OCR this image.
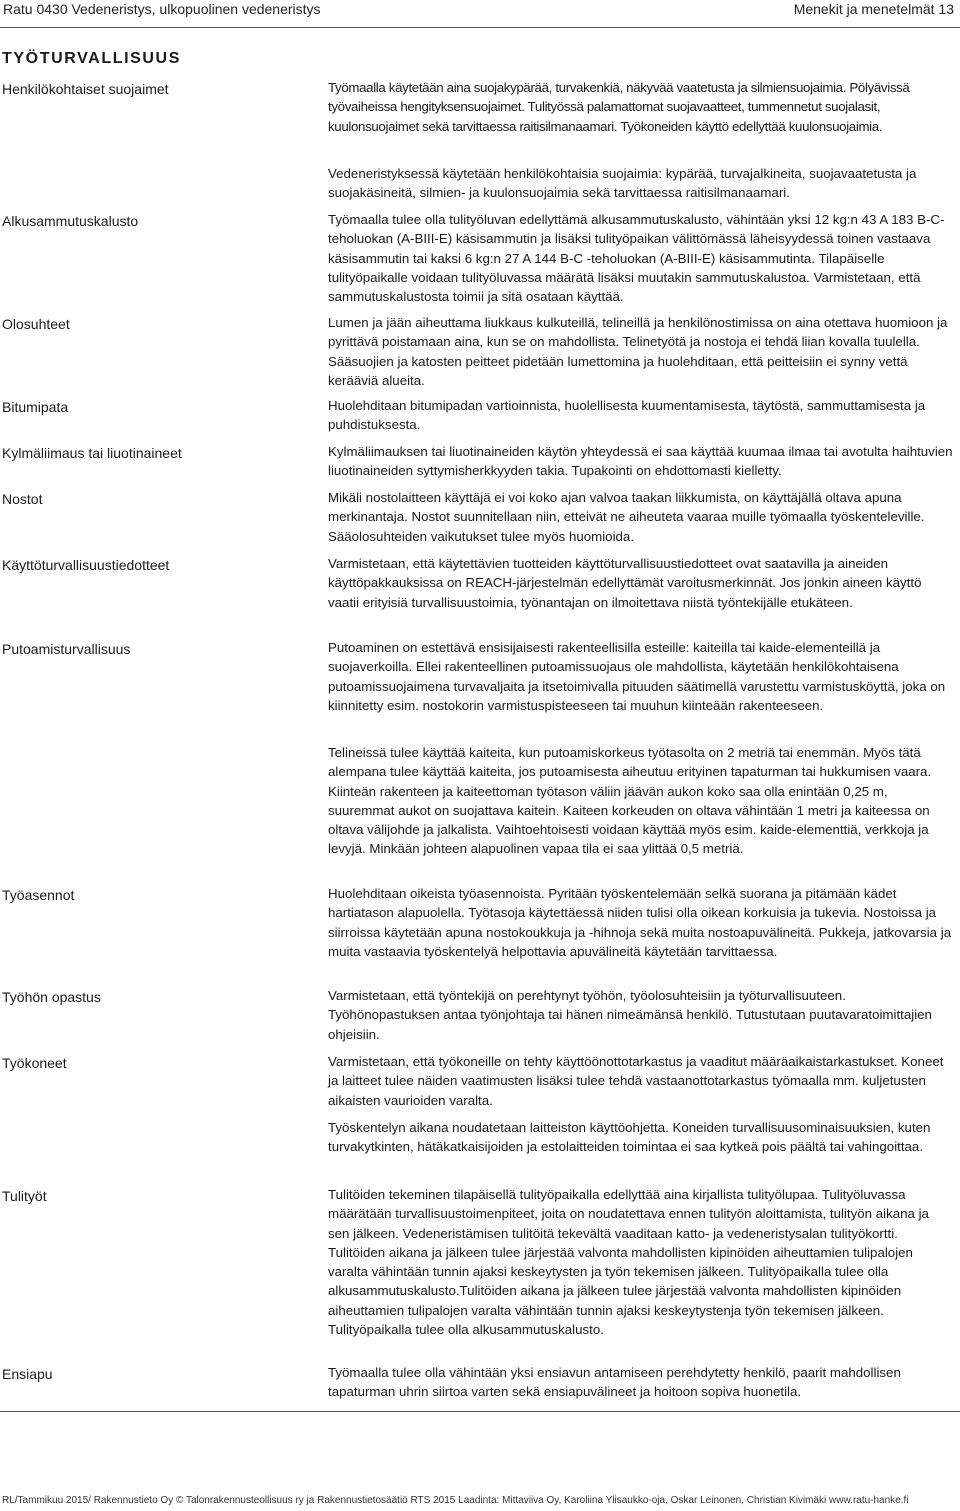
Ratu 0430 Vedeneristys, ulkopuolinen vedeneristys	Menekit ja menetelmät 13
TYÖTURVALLISUUS
Henkilökohtaiset suojaimet
Alkusammutuskalusto
Olosuhteet
Bitumipata
Kylmäliimaus tai liuotinaineet
Nostot
Käyttöturvallisuustiedotteet
Putoamisturvallisuus
Työasennot
Työhön opastus
Työkoneet
Tulityöt
Ensiapu
Työmaalla käytetään aina suojakypärää, turvakenkiä, näkyvää vaatetusta ja silmiensuojaimia. Pölyävissä työvaiheissa hengityksensuojaimet. Tulityössä palamattomat suojavaatteet, tummennetut suojalasit, kuulonsuojaimet sekä tarvittaessa raitisilmanaamari. Työkoneiden käyttö edellyttää kuulonsuojaimia.
Vedeneristyksessä käytetään henkilökohtaisia suojaimia: kypärää, turvajalkineita, suojavaatetusta ja suojakäsineitä, silmien- ja kuulonsuojaimia sekä tarvittaessa raitisilmanaamari.
Työmaalla tulee olla tulityöluvan edellyttämä alkusammutuskalusto, vähintään yksi 12 kg:n 43 A 183 B-C-teholuokan (A-BIII-E) käsisammutin ja lisäksi tulityöpaikan välittömässä läheisyydessä toinen vastaava käsisammutin tai kaksi 6 kg:n 27 A 144 B-C -teholuokan (A-BIII-E) käsisammutinta. Tilapäiselle tulityöpaikalle voidaan tulityöluvassa määrätä lisäksi muutakin sammutuskalustoa. Varmistetaan, että sammutuskalustosta toimii ja sitä osataan käyttää.
Lumen ja jään aiheuttama liukkaus kulkuteillä, telineillä ja henkilönostimissa on aina otettava huomioon ja pyrittävä poistamaan aina, kun se on mahdollista. Telinetyötä ja nostoja ei tehdä liian kovalla tuulella. Sääsuojien ja katosten peitteet pidetään lumettomina ja huolehditaan, että peitteisiin ei synny vettä kerääviä alueita.
Huolehditaan bitumipadan vartioinnista, huolellisesta kuumentamisesta, täytöstä, sammuttamisesta ja puhdistuksesta.
Kylmäliimauksen tai liuotinaineiden käytön yhteydessä ei saa käyttää kuumaa ilmaa tai avotulta haihtuvien liuotinaineiden syttymisherkkyyden takia. Tupakointi on ehdottomasti kielletty.
Mikäli nostolaitteen käyttäjä ei voi koko ajan valvoa taakan liikkumista, on käyttäjällä oltava apuna merkinantaja. Nostot suunnitellaan niin, etteivät ne aiheuteta vaaraa muille työmaalla työskenteleville. Sääolosuhteiden vaikutukset tulee myös huomioida.
Varmistetaan, että käytettävien tuotteiden käyttöturvallisuustiedotteet ovat saatavilla ja aineiden käyttöpakkauksissa on REACH-järjestelmän edellyttämät varoitusmerkinnät. Jos jonkin aineen käyttö vaatii erityisiä turvallisuustoimia, työnantajan on ilmoitettava niistä työntekijälle etukäteen.
Putoaminen on estettävä ensisijaisesti rakenteellisilla esteille: kaiteilla tai kaide-elementeillä ja suojaverkoilla. Ellei rakenteellinen putoamissuojaus ole mahdollista, käytetään henkilökohtaisena putoamissuojaimena turvavaljaita ja itsetoimivalla pituuden säätimellä varustettu varmistusköyttä, joka on kiinnitetty esim. nostokorin varmistuspisteeseen tai muuhun kiinteään rakenteeseen.
Telineissä tulee käyttää kaiteita, kun putoamiskorkeus työtasolta on 2 metriä tai enemmän. Myös tätä alempana tulee käyttää kaiteita, jos putoamisesta aiheutuu erityinen tapaturman tai hukkumisen vaara. Kiinteän rakenteen ja kaiteettoman työtason väliin jäävän aukon koko saa olla enintään 0,25 m, suuremmat aukot on suojattava kaitein. Kaiteen korkeuden on oltava vähintään 1 metri ja kaiteessa on oltava välijohde ja jalkalista. Vaihtoehtoisesti voidaan käyttää myös esim. kaide-elementtiä, verkkoja ja levyjä. Minkään johteen alapuolinen vapaa tila ei saa ylittää 0,5 metriä.
Huolehditaan oikeista työasennoista. Pyritään työskentelemään selkä suorana ja pitämään kädet hartiatason alapuolella. Työtasoja käytettäessä niiden tulisi olla oikean korkuisia ja tukevia. Nostoissa ja siirroissa käytetään apuna nostokoukkuja ja -hihnoja sekä muita nostoapuvälineitä. Pukkeja, jatkovarsia ja muita vastaavia työskentelyä helpottavia apuvälineitä käytetään tarvittaessa.
Varmistetaan, että työntekijä on perehtynyt työhön, työolosuhteisiin ja työturvallisuuteen. Työhönopastuksen antaa työnjohtaja tai hänen nimeämänsä henkilö. Tutustutaan puutavaratoimittajien ohjeisiin.
Varmistetaan, että työkoneille on tehty käyttöönottotarkastus ja vaaditut määräaikaistarkastukset. Koneet ja laitteet tulee näiden vaatimusten lisäksi tulee tehdä vastaanottotarkastus työmaalla mm. kuljetusten aikaisten vaurioiden varalta.
Työskentelyn aikana noudatetaan laitteiston käyttöohjetta. Koneiden turvallisuusominaisuuksien, kuten turvakytkinten, hätäkatkaisijoiden ja estolaitteiden toimintaa ei saa kytkeä pois päältä tai vahingoittaa.
Tulitöiden tekeminen tilapäisellä tulityöpaikalla edellyttää aina kirjallista tulityölupaa. Tulityöluvassa määrätään turvallisuustoimenpiteet, joita on noudatettava ennen tulityön aloittamista, tulityön aikana ja sen jälkeen. Vedeneristämisen tulitöitä tekevältä vaaditaan katto- ja vedeneristysalan tulityökortti. Tulitöiden aikana ja jälkeen tulee järjestää valvonta mahdollisten kipinöiden aiheuttamien tulipalojen varalta vähintään tunnin ajaksi keskeytysten ja työn tekemisen jälkeen. Tulityöpaikalla tulee olla alkusammutuskalusto.Tulitöiden aikana ja jälkeen tulee järjestää valvonta mahdollisten kipinöiden aiheuttamien tulipalojen varalta vähintään tunnin ajaksi keskeytystenja työn tekemisen jälkeen. Tulityöpaikalla tulee olla alkusammutuskalusto.
Työmaalla tulee olla vähintään yksi ensiavun antamiseen perehdytetty henkilö, paarit mahdollisen tapaturman uhrin siirtoa varten sekä ensiapuvälineet ja hoitoon sopiva huonetila.
RL/Tammikuu 2015/ Rakennustieto Oy © Talonrakennusteollisuus ry ja Rakennustietosäätiö RTS 2015 Laadinta: Mittaviiva Oy, Karoliina Ylisaukko-oja, Oskar Leinonen, Christian Kivimäki www.ratu-hanke.fi
